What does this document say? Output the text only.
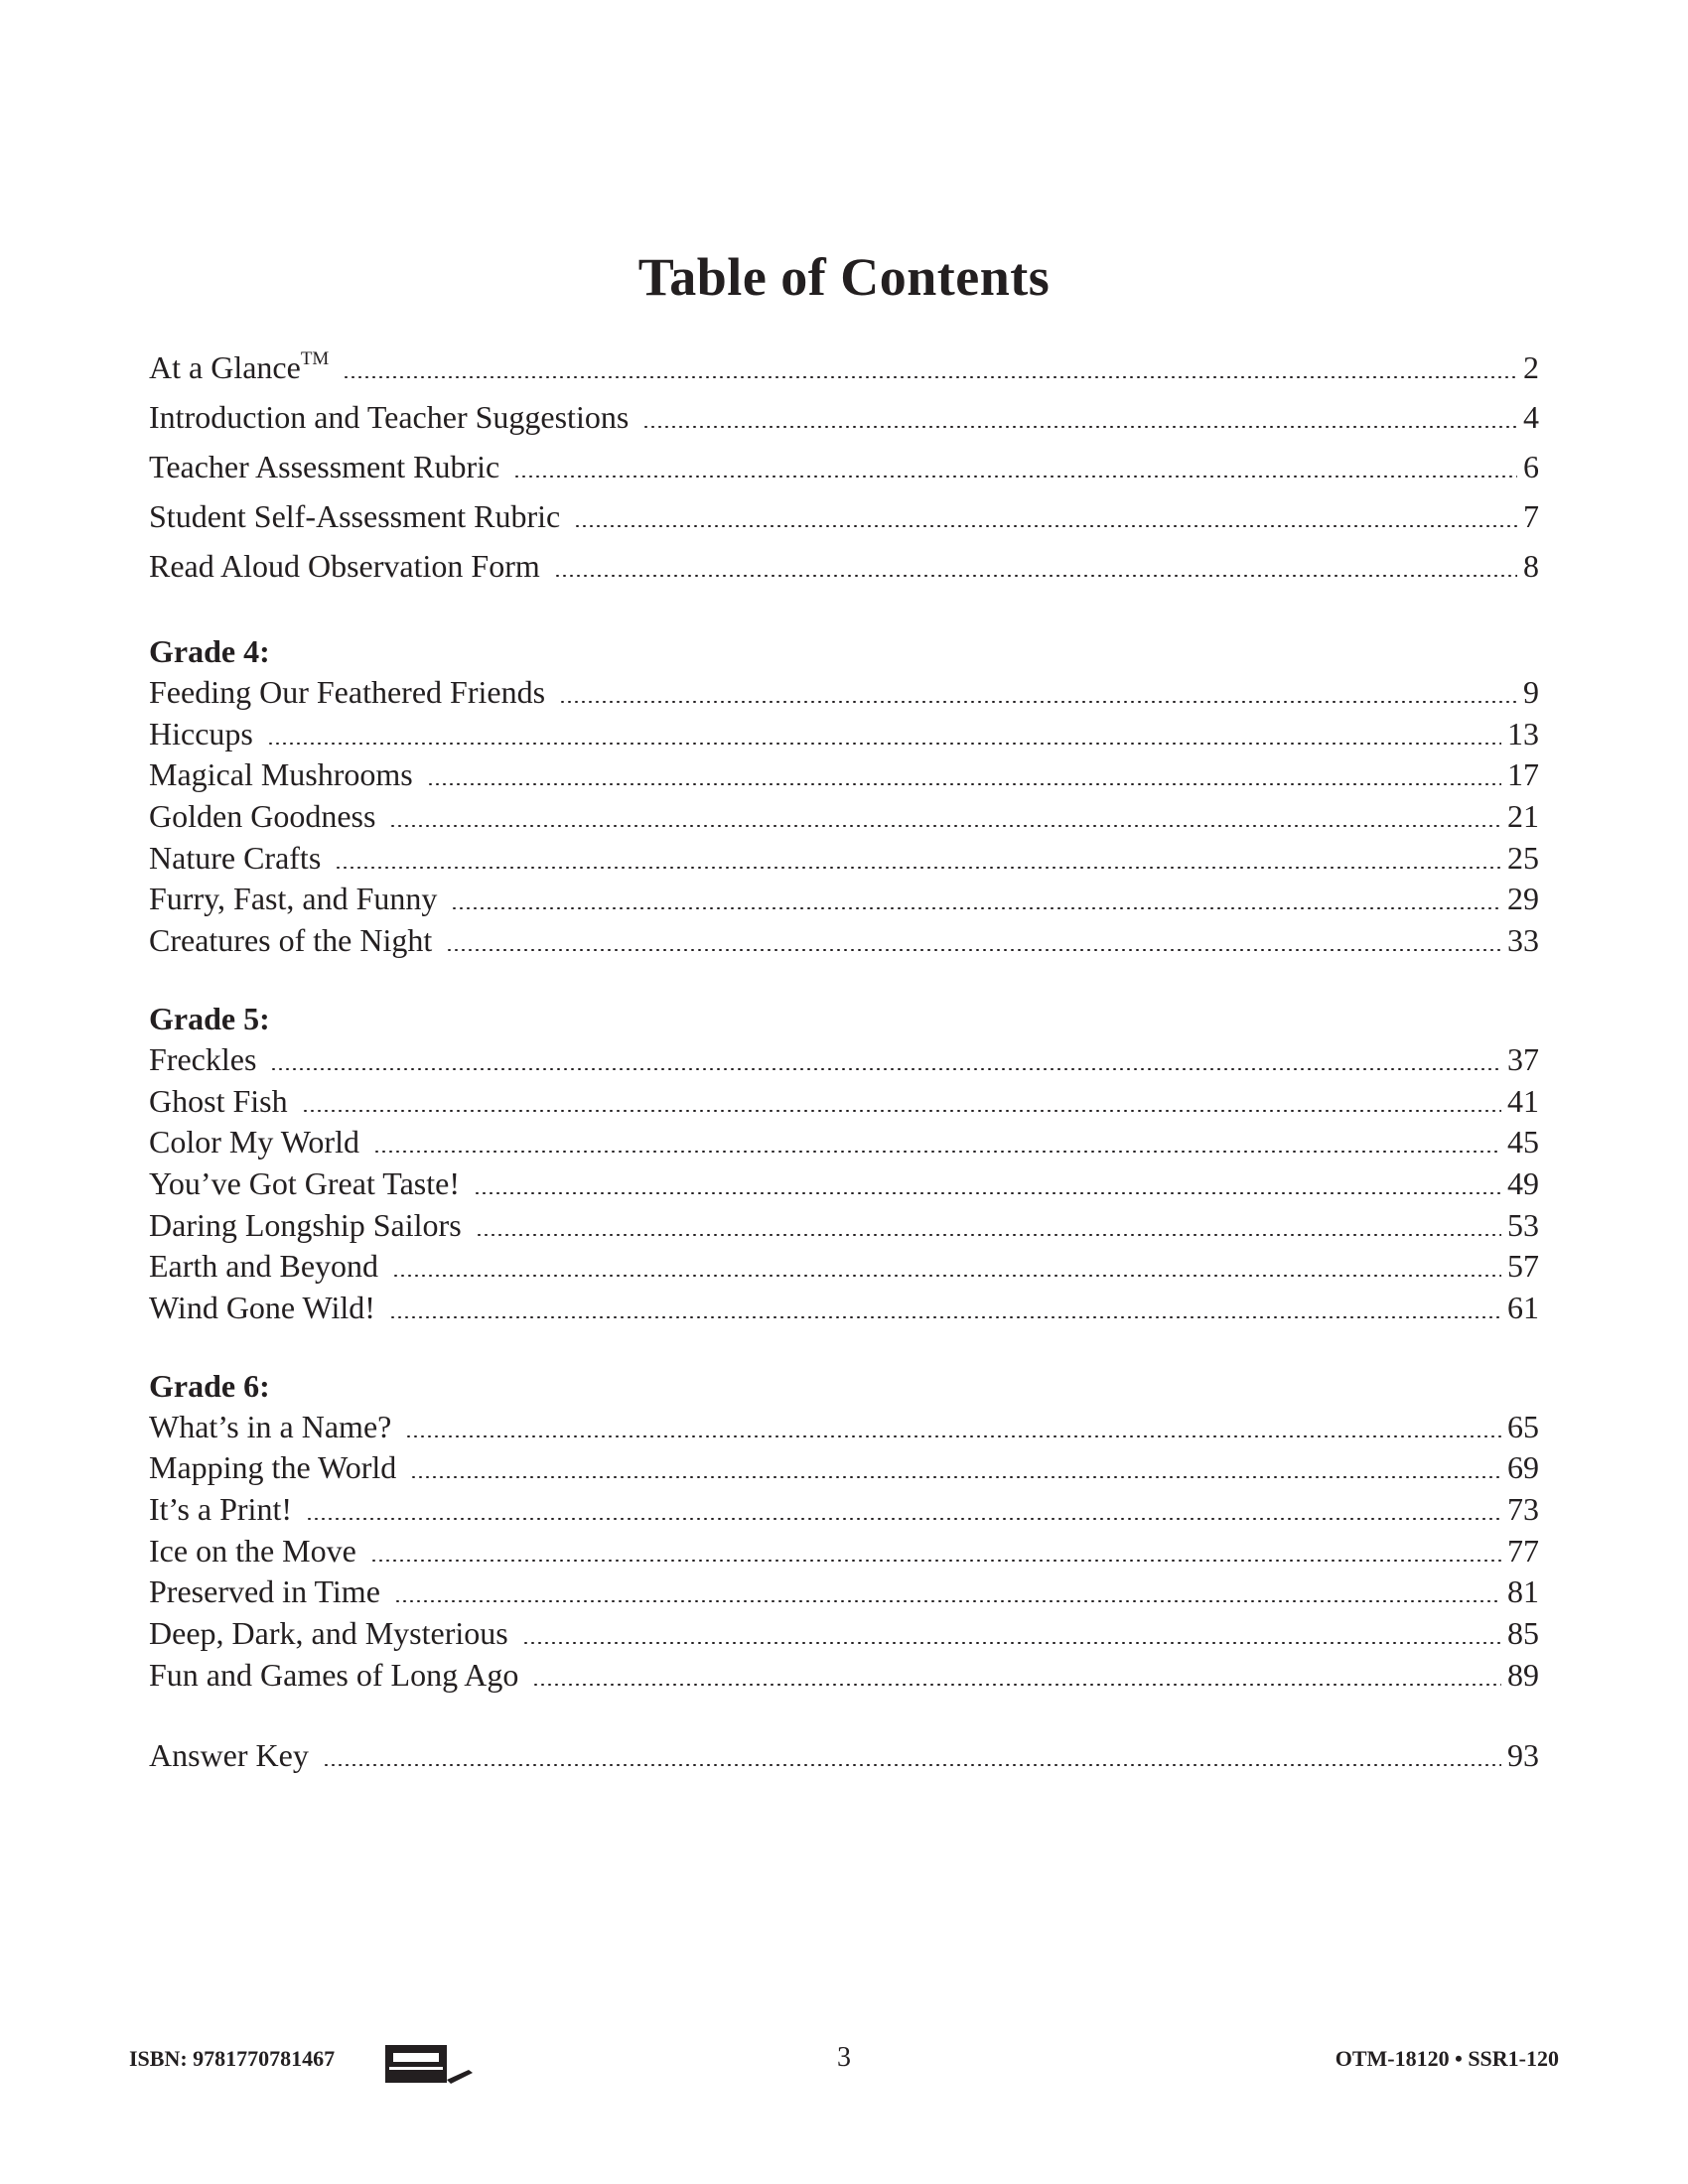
Table of Contents
At a Glance™	2
Introduction and Teacher Suggestions	4
Teacher Assessment Rubric	6
Student Self-Assessment Rubric	7
Read Aloud Observation Form	8
Grade 4:
Feeding Our Feathered Friends	9
Hiccups	13
Magical Mushrooms	17
Golden Goodness	21
Nature Crafts	25
Furry, Fast, and Funny	29
Creatures of the Night	33
Grade 5:
Freckles	37
Ghost Fish	41
Color My World	45
You’ve Got Great Taste!	49
Daring Longship Sailors	53
Earth and Beyond	57
Wind Gone Wild!	61
Grade 6:
What’s in a Name?	65
Mapping the World	69
It’s a Print!	73
Ice on the Move	77
Preserved in Time	81
Deep, Dark, and Mysterious	85
Fun and Games of Long Ago	89
Answer Key	93
ISBN: 9781770781467	3	OTM-18120 • SSR1-120
